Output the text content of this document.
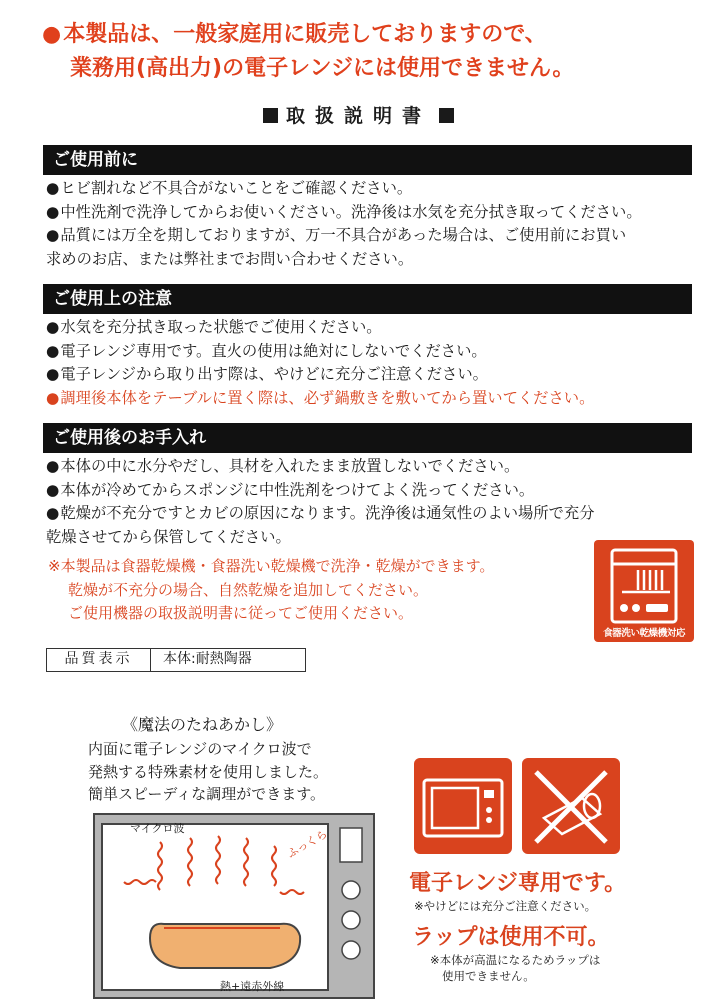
● 本製品は、一般家庭用に販売しておりますので、
業務用(高出力)の電子レンジには使用できません。
取扱説明書
ご使用前に
● ヒビ割れなど不具合がないことをご確認ください。
● 中性洗剤で洗浄してからお使いください。洗浄後は水気を充分拭き取ってください。
● 品質には万全を期しておりますが、万一不具合があった場合は、ご使用前にお買い
求めのお店、または弊社までお問い合わせください。
ご使用上の注意
● 水気を充分拭き取った状態でご使用ください。
● 電子レンジ専用です。直火の使用は絶対にしないでください。
● 電子レンジから取り出す際は、やけどに充分ご注意ください。
● 調理後本体をテーブルに置く際は、必ず鍋敷きを敷いてから置いてください。
ご使用後のお手入れ
● 本体の中に水分やだし、具材を入れたまま放置しないでください。
● 本体が冷めてからスポンジに中性洗剤をつけてよく洗ってください。
● 乾燥が不充分ですとカビの原因になります。洗浄後は通気性のよい場所で充分
乾燥させてから保管してください。
※本製品は食器乾燥機・食器洗い乾燥機で洗浄・乾燥ができます。
乾燥が不充分の場合、自然乾燥を追加してください。
ご使用機器の取扱説明書に従ってご使用ください。
食器洗い乾燥機対応
品質表示	本体:耐熱陶器
《魔法のたねあかし》
内面に電子レンジのマイクロ波で
発熱する特殊素材を使用しました。
簡単スピーディな調理ができます。
マイクロ波	ふっくら
熱+遠赤外線
電子レンジ専用です。
※やけどには充分ご注意ください。
ラップは使用不可。
※本体が高温になるためラップは
使用できません。
